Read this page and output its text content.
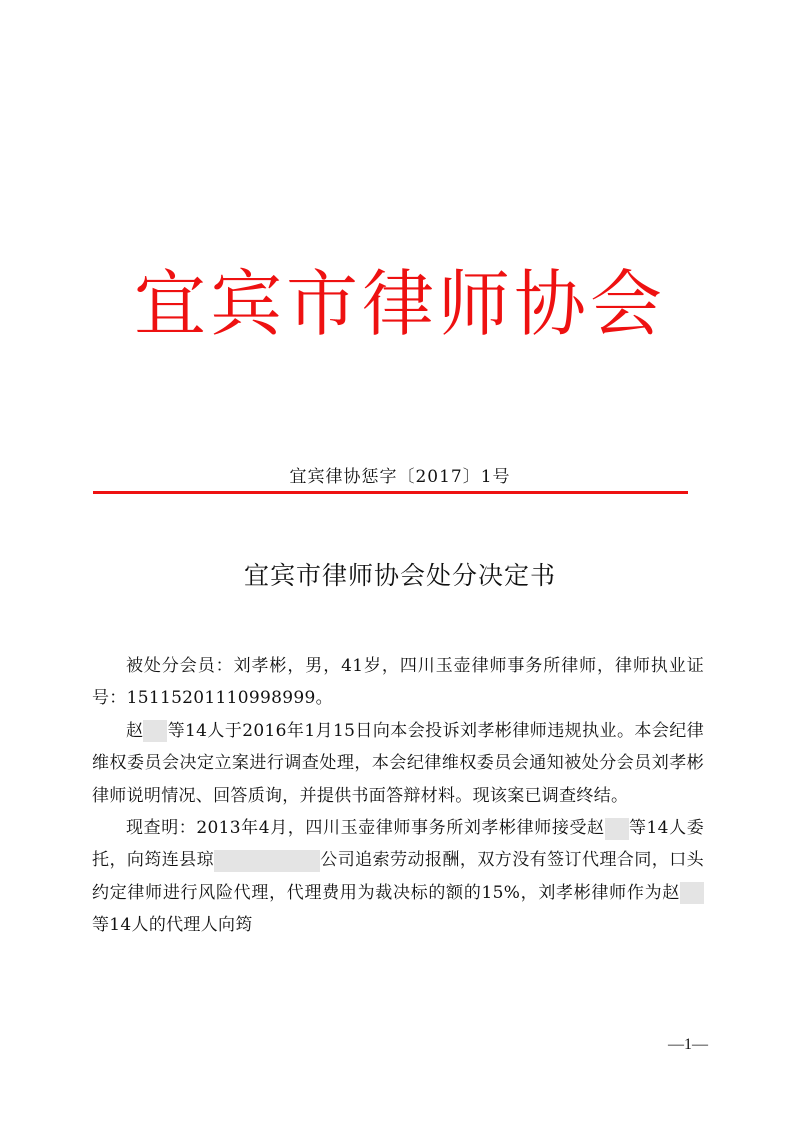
宜宾市律师协会
宜宾律协惩字〔2017〕1号
宜宾市律师协会处分决定书

被处分会员：刘孝彬，男，41岁，四川玉壶律师事务所律师，律师执业证号：15115201110998999。

赵 等14人于2016年1月15日向本会投诉刘孝彬律师违规执业。本会纪律维权委员会决定立案进行调查处理，本会纪律维权委员会通知被处分会员刘孝彬律师说明情况、回答质询，并提供书面答辩材料。现该案已调查终结。

现查明：2013年4月，四川玉壶律师事务所刘孝彬律师接受赵 等14人委托，向筠连县琼	公司追索劳动报酬，双方没有签订代理合同，口头约定律师进行风险代理，代理费用为裁决标的额的15%，刘孝彬律师作为赵等14人的代理人向筠

—1—
